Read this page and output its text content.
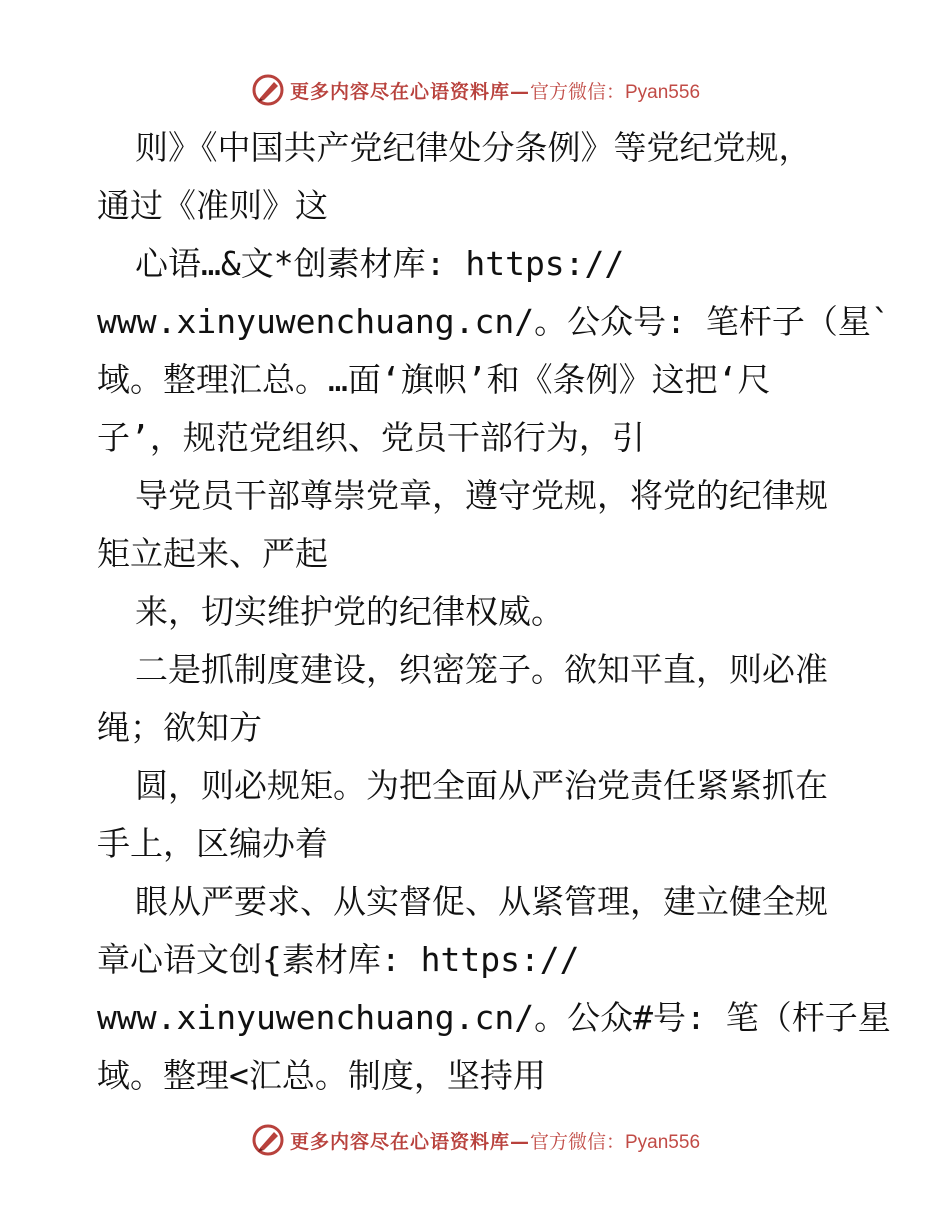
更多内容尽在心语资料库— 官方微信：Pyan556
则》《中国共产党纪律处分条例》等党纪党规，
通过《准则》这
心语…&文*创素材库: https://
www.xinyuwenchuang.cn/。公众号: 笔杆子（星`
域。整理汇总。…面‘旗帜’和《条例》这把‘尺
子’，规范党组织、党员干部行为，引
导党员干部尊崇党章，遵守党规，将党的纪律规
矩立起来、严起
来，切实维护党的纪律权威。
二是抓制度建设，织密笼子。欲知平直，则必准
绳；欲知方
圆，则必规矩。为把全面从严治党责任紧紧抓在
手上，区编办着
眼从严要求、从实督促、从紧管理，建立健全规
章心语文创{素材库: https://
www.xinyuwenchuang.cn/。公众#号: 笔（杆子星
域。整理<汇总。制度，坚持用
更多内容尽在心语资料库— 官方微信：Pyan556
